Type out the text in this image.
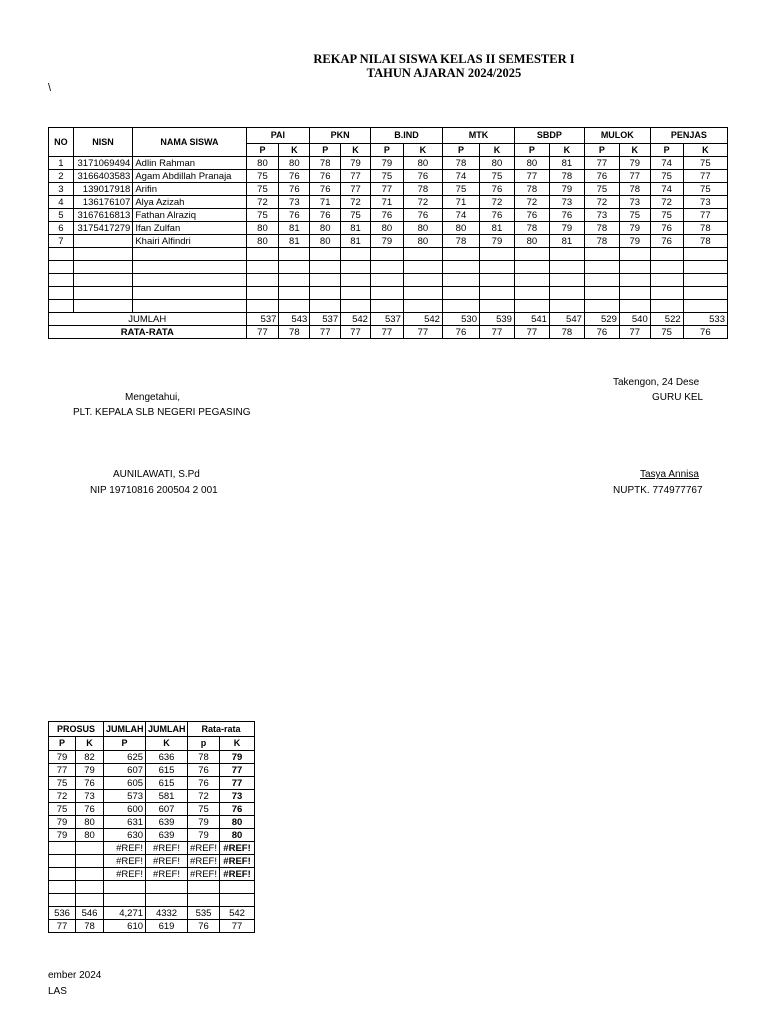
REKAP NILAI SISWA KELAS II SEMESTER I
TAHUN AJARAN 2024/2025
\
NO	NISN	NAMA SISWA	PAI		PKN		B.IND		MTK		SBDP		MULOK		PENJAS	
			P	K	P	K	P	K	P	K	P	K	P	K	P	K
1	3171069494	Adlin Rahman	80	80	78	79	79	80	78	80	80	81	77	79	74	75
2	3166403583	Agam Abdillah Pranaja	75	76	76	77	75	76	74	75	77	78	76	77	75	77
3	139017918	Arifin	75	76	76	77	77	78	75	76	78	79	75	78	74	75
4	136176107	Alya Azizah	72	73	71	72	71	72	71	72	72	73	72	73	72	73
5	3167616813	Fathan Alraziq	75	76	76	75	76	76	74	76	76	76	73	75	75	77
6	3175417279	Ifan Zulfan	80	81	80	81	80	80	80	81	78	79	78	79	76	78
7		Khairi Alfindri	80	81	80	81	79	80	78	79	80	81	78	79	76	78

JUMLAH			537	543	537	542	537	542	530	539	541	547	529	540	522	533
RATA-RATA			77	78	77	77	77	77	76	77	77	78	76	77	75	76
Mengetahui,
PLT. KEPALA SLB NEGERI PEGASING
AUNILAWATI, S.Pd
NIP 19710816 200504 2 001
Takengon, 24 Dese
GURU KEL
Tasya Annisa
NUPTK. 774977767
PROSUS		JUMLAH	JUMLAH	Rata-rata	
P	K	P	K	p	K
79	82	625	636	78	79
77	79	607	615	76	77
75	76	605	615	76	77
72	73	573	581	72	73
75	76	600	607	75	76
79	80	631	639	79	80
79	80	630	639	79	80
		#REF!	#REF!	#REF!	#REF!
		#REF!	#REF!	#REF!	#REF!
		#REF!	#REF!	#REF!	#REF!

536	546	4,271	4332	535	542
77	78	610	619	76	77
ember 2024
LAS
